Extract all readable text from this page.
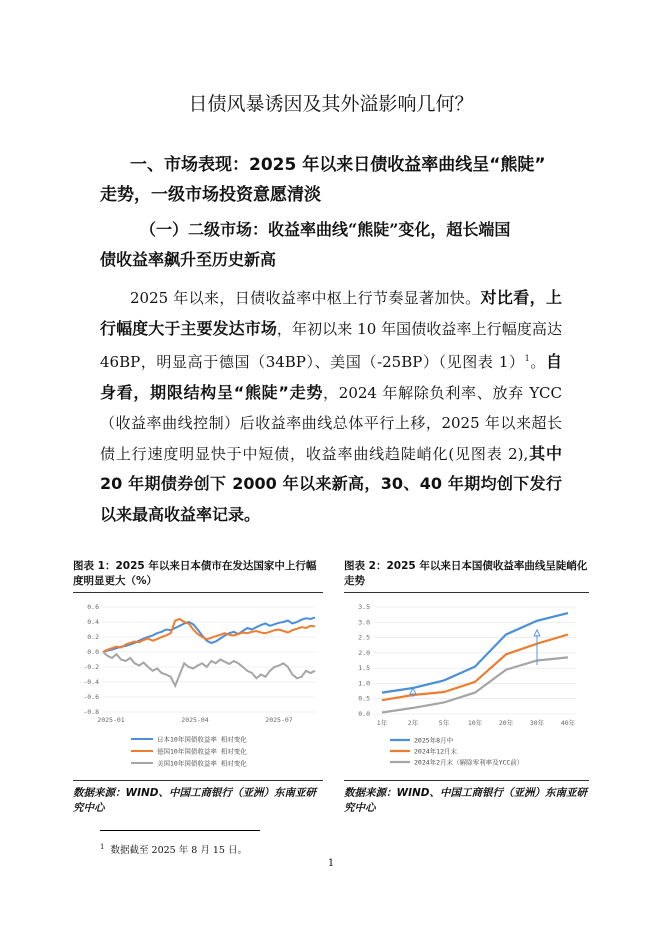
日债风暴诱因及其外溢影响几何？
一、市场表现：2025 年以来日债收益率曲线呈“熊陡”
走势，一级市场投资意愿清淡
（一）二级市场：收益率曲线“熊陡”变化，超长端国
债收益率飙升至历史新高
2025 年以来，日债收益率中枢上行节奏显著加快。对比看，上行幅度大于主要发达市场，年初以来 10 年国债收益率上行幅度高达 46BP，明显高于德国（34BP）、美国（-25BP）（见图表 1）$^1$。自身看，期限结构呈“熊陡”走势，2024 年解除负利率、放弃 YCC（收益率曲线控制）后收益率曲线总体平行上移，2025 年以来超长债上行速度明显快于中短债，收益率曲线趋陡峭化(见图表 2),其中 20 年期债券创下 2000 年以来新高，30、40 年期均创下发行以来最高收益率记录。
图表 1：2025 年以来日本债市在发达国家中上行幅度明显更大（%）
0.6
0.4
0.2
0.0
-0.2
-0.4
-0.6
-0.8
2025-01	2025-04	2025-07
日本10年国债收益率 相对变化
德国10年国债收益率 相对变化
美国10年国债收益率 相对变化
数据来源：WIND、中国工商银行（亚洲）东南亚研究中心
图表 2：2025 年以来日本国债收益率曲线呈陡峭化走势
3.5
3.0
2.5
2.0
1.5
1.0
0.5
0.0
1年	2年	5年	10年	20年	30年	40年
2025年8月中
2024年12月末
2024年2月末（解除零利率及YCC前）
数据来源：WIND、中国工商银行（亚洲）东南亚研究中心
$^1$ 数据截至 2025 年 8 月 15 日。
1
